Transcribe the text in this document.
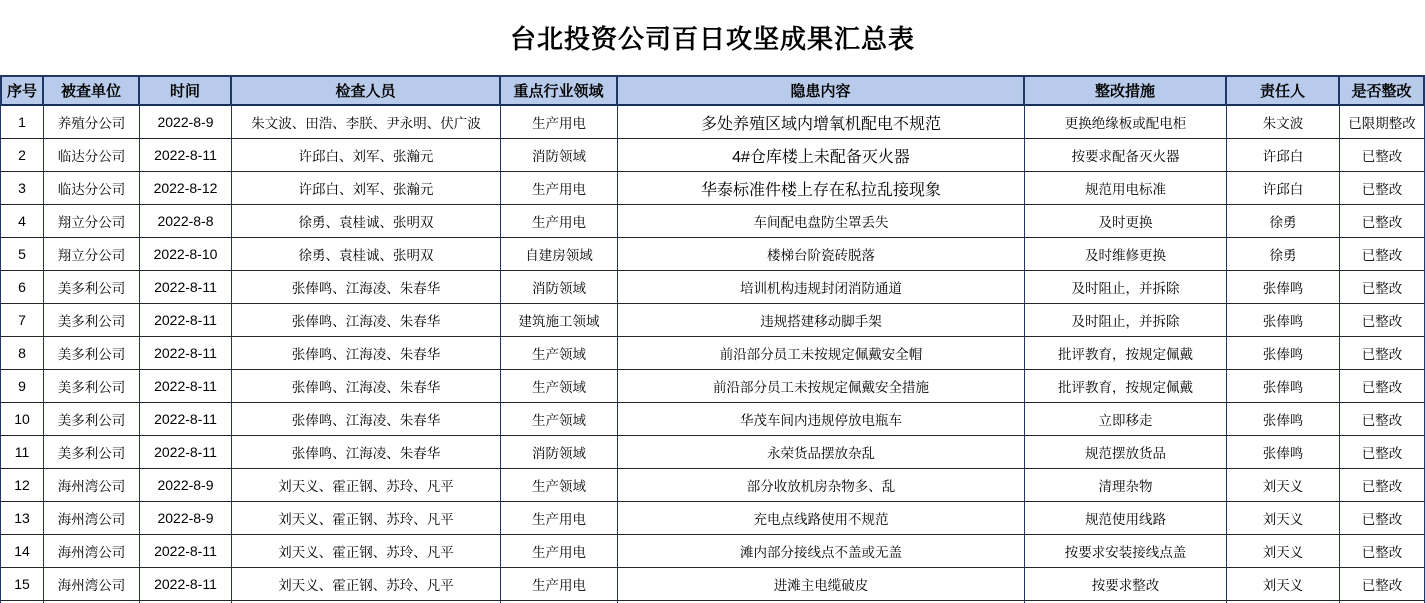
台北投资公司百日攻坚成果汇总表
序号	被查单位	时间	检查人员	重点行业领域	隐患内容	整改措施	责任人	是否整改
1	养殖分公司	2022-8-9	朱文波、田浩、李朕、尹永明、伏广波	生产用电	多处养殖区域内增氧机配电不规范	更换绝缘板或配电柜	朱文波	已限期整改
2	临达分公司	2022-8-11	许邱白、刘军、张瀚元	消防领域	4#仓库楼上未配备灭火器	按要求配备灭火器	许邱白	已整改
3	临达分公司	2022-8-12	许邱白、刘军、张瀚元	生产用电	华泰标准件楼上存在私拉乱接现象	规范用电标准	许邱白	已整改
4	翔立分公司	2022-8-8	徐勇、袁桂诚、张明双	生产用电	车间配电盘防尘罩丢失	及时更换	徐勇	已整改
5	翔立分公司	2022-8-10	徐勇、袁桂诚、张明双	自建房领域	楼梯台阶瓷砖脱落	及时维修更换	徐勇	已整改
6	美多利公司	2022-8-11	张俸鸣、江海凌、朱春华	消防领域	培训机构违规封闭消防通道	及时阻止，并拆除	张俸鸣	已整改
7	美多利公司	2022-8-11	张俸鸣、江海凌、朱春华	建筑施工领域	违规搭建移动脚手架	及时阻止，并拆除	张俸鸣	已整改
8	美多利公司	2022-8-11	张俸鸣、江海凌、朱春华	生产领域	前沿部分员工未按规定佩戴安全帽	批评教育，按规定佩戴	张俸鸣	已整改
9	美多利公司	2022-8-11	张俸鸣、江海凌、朱春华	生产领域	前沿部分员工未按规定佩戴安全措施	批评教育，按规定佩戴	张俸鸣	已整改
10	美多利公司	2022-8-11	张俸鸣、江海凌、朱春华	生产领域	华茂车间内违规停放电瓶车	立即移走	张俸鸣	已整改
11	美多利公司	2022-8-11	张俸鸣、江海凌、朱春华	消防领域	永荣货品摆放杂乱	规范摆放货品	张俸鸣	已整改
12	海州湾公司	2022-8-9	刘天义、霍正钢、苏玲、凡平	生产领域	部分收放机房杂物多、乱	清理杂物	刘天义	已整改
13	海州湾公司	2022-8-9	刘天义、霍正钢、苏玲、凡平	生产用电	充电点线路使用不规范	规范使用线路	刘天义	已整改
14	海州湾公司	2022-8-11	刘天义、霍正钢、苏玲、凡平	生产用电	滩内部分接线点不盖或无盖	按要求安装接线点盖	刘天义	已整改
15	海州湾公司	2022-8-11	刘天义、霍正钢、苏玲、凡平	生产用电	进滩主电缆破皮	按要求整改	刘天义	已整改
